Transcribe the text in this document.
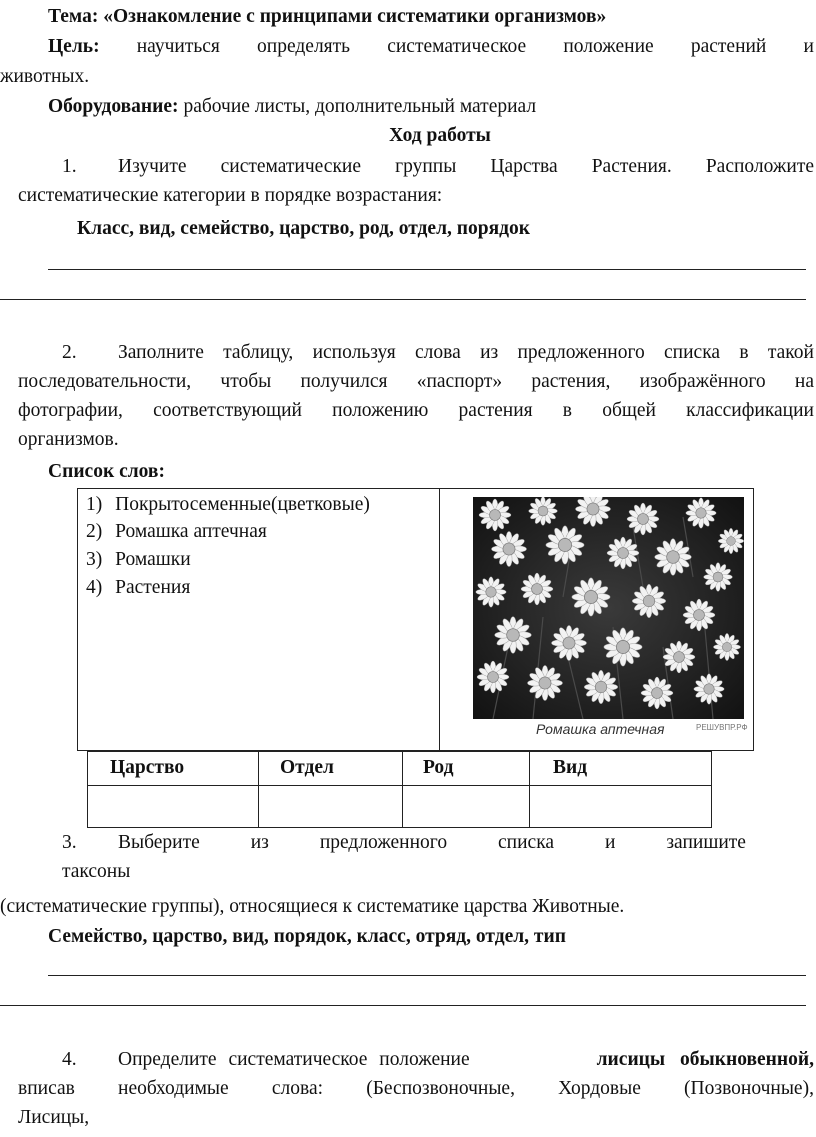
Тема: «Ознакомление с принципами систематики организмов»
Цель: научиться определять систематическое положение растений и
животных.
Оборудование: рабочие листы, дополнительный материал
Ход работы
1. Изучите систематические группы Царства Растения. Расположите
систематические категории в порядке возрастания:
Класс, вид, семейство, царство, род, отдел, порядок
2. Заполните таблицу, используя слова из предложенного списка в такой
последовательности, чтобы получился «паспорт» растения, изображённого на
фотографии, соответствующий положению растения в общей классификации
организмов.
Список слов:
1) Покрытосеменные(цветковые)
2) Ромашка аптечная
3) Ромашки
4) Растения
Ромашка аптечная	РЕШУВПР.РФ
Царство	Отдел	Род	Вид
3. Выберите	из	предложенного	списка	и	запишите
таксоны
(систематические группы), относящиеся к систематике царства Животные.
Семейство, царство, вид, порядок, класс, отряд, отдел, тип
4. Определите систематическое положение	лисицы обыкновенной,
вписав необходимые слова: (Беспозвоночные, Хордовые (Позвоночные),
Лисицы,
